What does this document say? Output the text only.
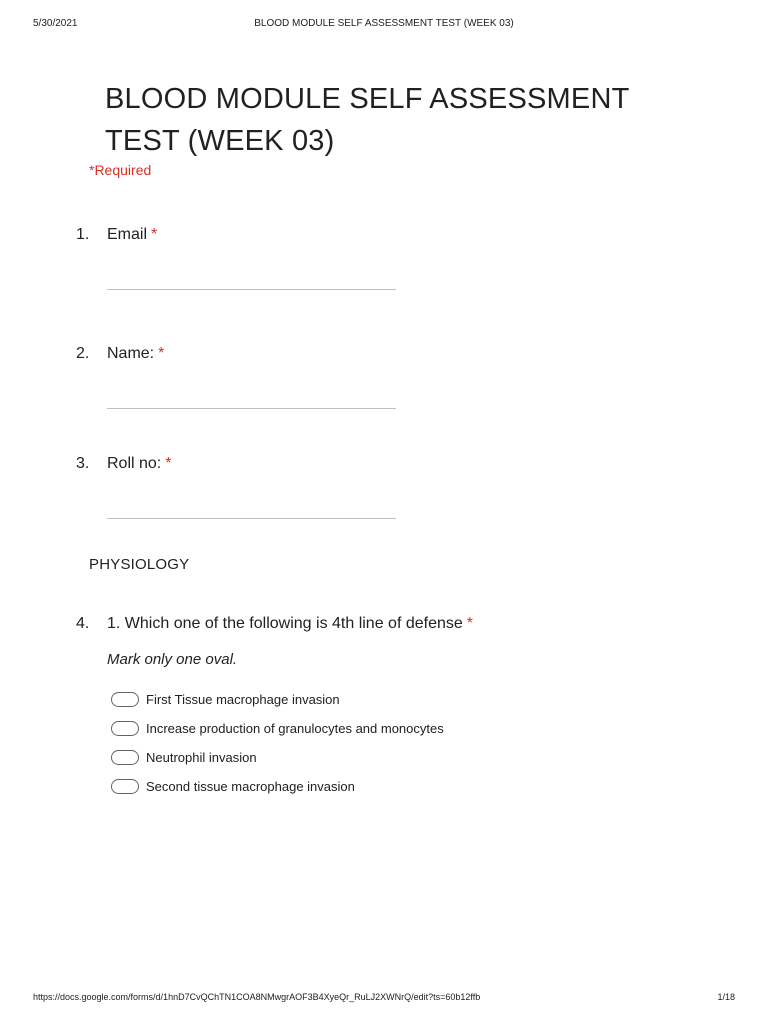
5/30/2021	BLOOD MODULE SELF ASSESSMENT TEST (WEEK 03)
BLOOD MODULE SELF ASSESSMENT TEST (WEEK 03)
*Required
1. Email *
2. Name: *
3. Roll no: *
PHYSIOLOGY
4. 1. Which one of the following is 4th line of defense *
Mark only one oval.
First Tissue macrophage invasion
Increase production of granulocytes and monocytes
Neutrophil invasion
Second tissue macrophage invasion
https://docs.google.com/forms/d/1hnD7CvQChTN1COA8NMwgrAOF3B4XyeQr_RuLJ2XWNrQ/edit?ts=60b12ffb	1/18
